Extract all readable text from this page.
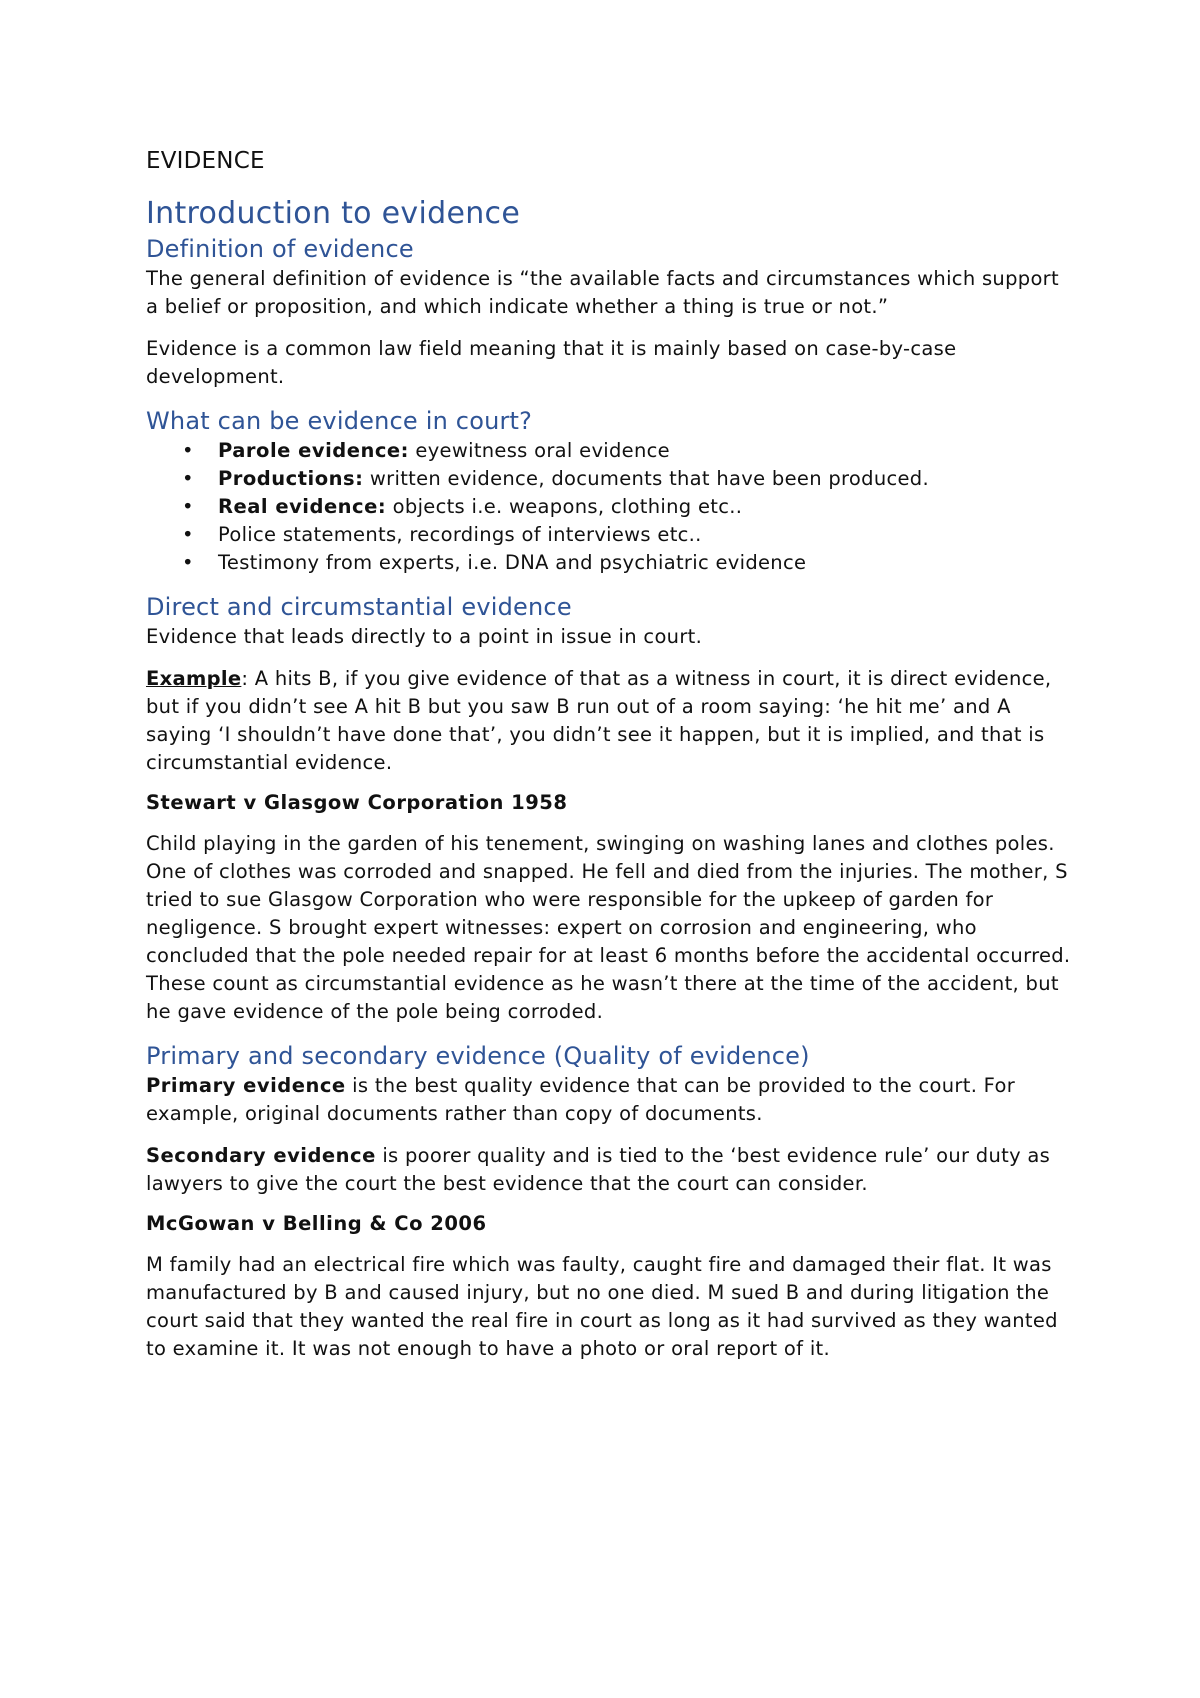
EVIDENCE
Introduction to evidence
Definition of evidence

The general definition of evidence is “the available facts and circumstances which support a belief or proposition, and which indicate whether a thing is true or not.”

Evidence is a common law field meaning that it is mainly based on case-by-case development.

What can be evidence in court?
• Parole evidence: eyewitness oral evidence
• Productions: written evidence, documents that have been produced.
• Real evidence: objects i.e. weapons, clothing etc..
• Police statements, recordings of interviews etc..
• Testimony from experts, i.e. DNA and psychiatric evidence
Direct and circumstantial evidence

Evidence that leads directly to a point in issue in court.

Example: A hits B, if you give evidence of that as a witness in court, it is direct evidence, but if you didn’t see A hit B but you saw B run out of a room saying: ‘he hit me’ and A saying ‘I shouldn’t have done that’, you didn’t see it happen, but it is implied, and that is circumstantial evidence.

Stewart v Glasgow Corporation 1958

Child playing in the garden of his tenement, swinging on washing lanes and clothes poles. One of clothes was corroded and snapped. He fell and died from the injuries. The mother, S tried to sue Glasgow Corporation who were responsible for the upkeep of garden for negligence. S brought expert witnesses: expert on corrosion and engineering, who concluded that the pole needed repair for at least 6 months before the accidental occurred. These count as circumstantial evidence as he wasn’t there at the time of the accident, but he gave evidence of the pole being corroded.

Primary and secondary evidence (Quality of evidence)

Primary evidence is the best quality evidence that can be provided to the court. For example, original documents rather than copy of documents.

Secondary evidence is poorer quality and is tied to the ‘best evidence rule’ our duty as lawyers to give the court the best evidence that the court can consider.

McGowan v Belling & Co 2006

M family had an electrical fire which was faulty, caught fire and damaged their flat. It was manufactured by B and caused injury, but no one died. M sued B and during litigation the court said that they wanted the real fire in court as long as it had survived as they wanted to examine it. It was not enough to have a photo or oral report of it.
